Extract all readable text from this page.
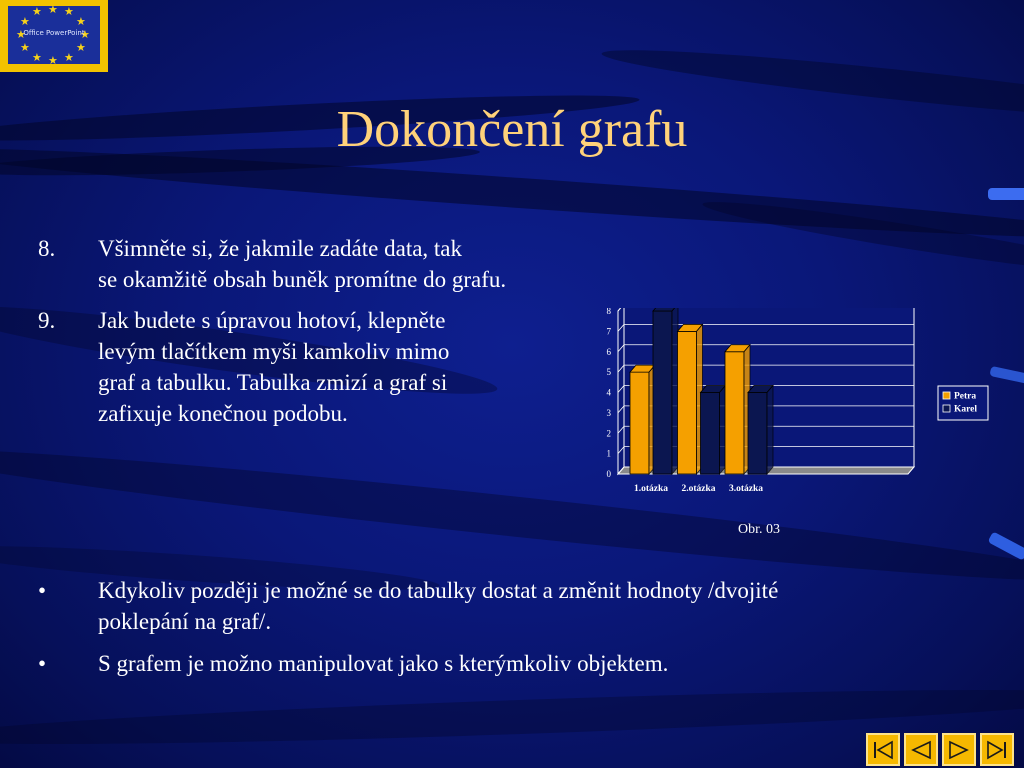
★ ★ ★
★	★
★	★
★	★
★ ★ ★
Office PowerPoint
Dokončení grafu
8. Všimněte si, že jakmile zadáte data, tak
se okamžitě obsah buněk promítne do grafu.
9. Jak budete s úpravou hotoví, klepněte
levým tlačítkem myši kamkoliv mimo
graf a tabulku. Tabulka zmizí a graf si
zafixuje konečnou podobu.
0
1
2
3
4
5
6
7
8
1.otázka 2.otázka 3.otázka
Petra
Karel
Obr. 03
• Kdykoliv později je možné se do tabulky dostat a změnit hodnoty /dvojité
poklepání na graf/.
• S grafem je možno manipulovat jako s kterýmkoliv objektem.
